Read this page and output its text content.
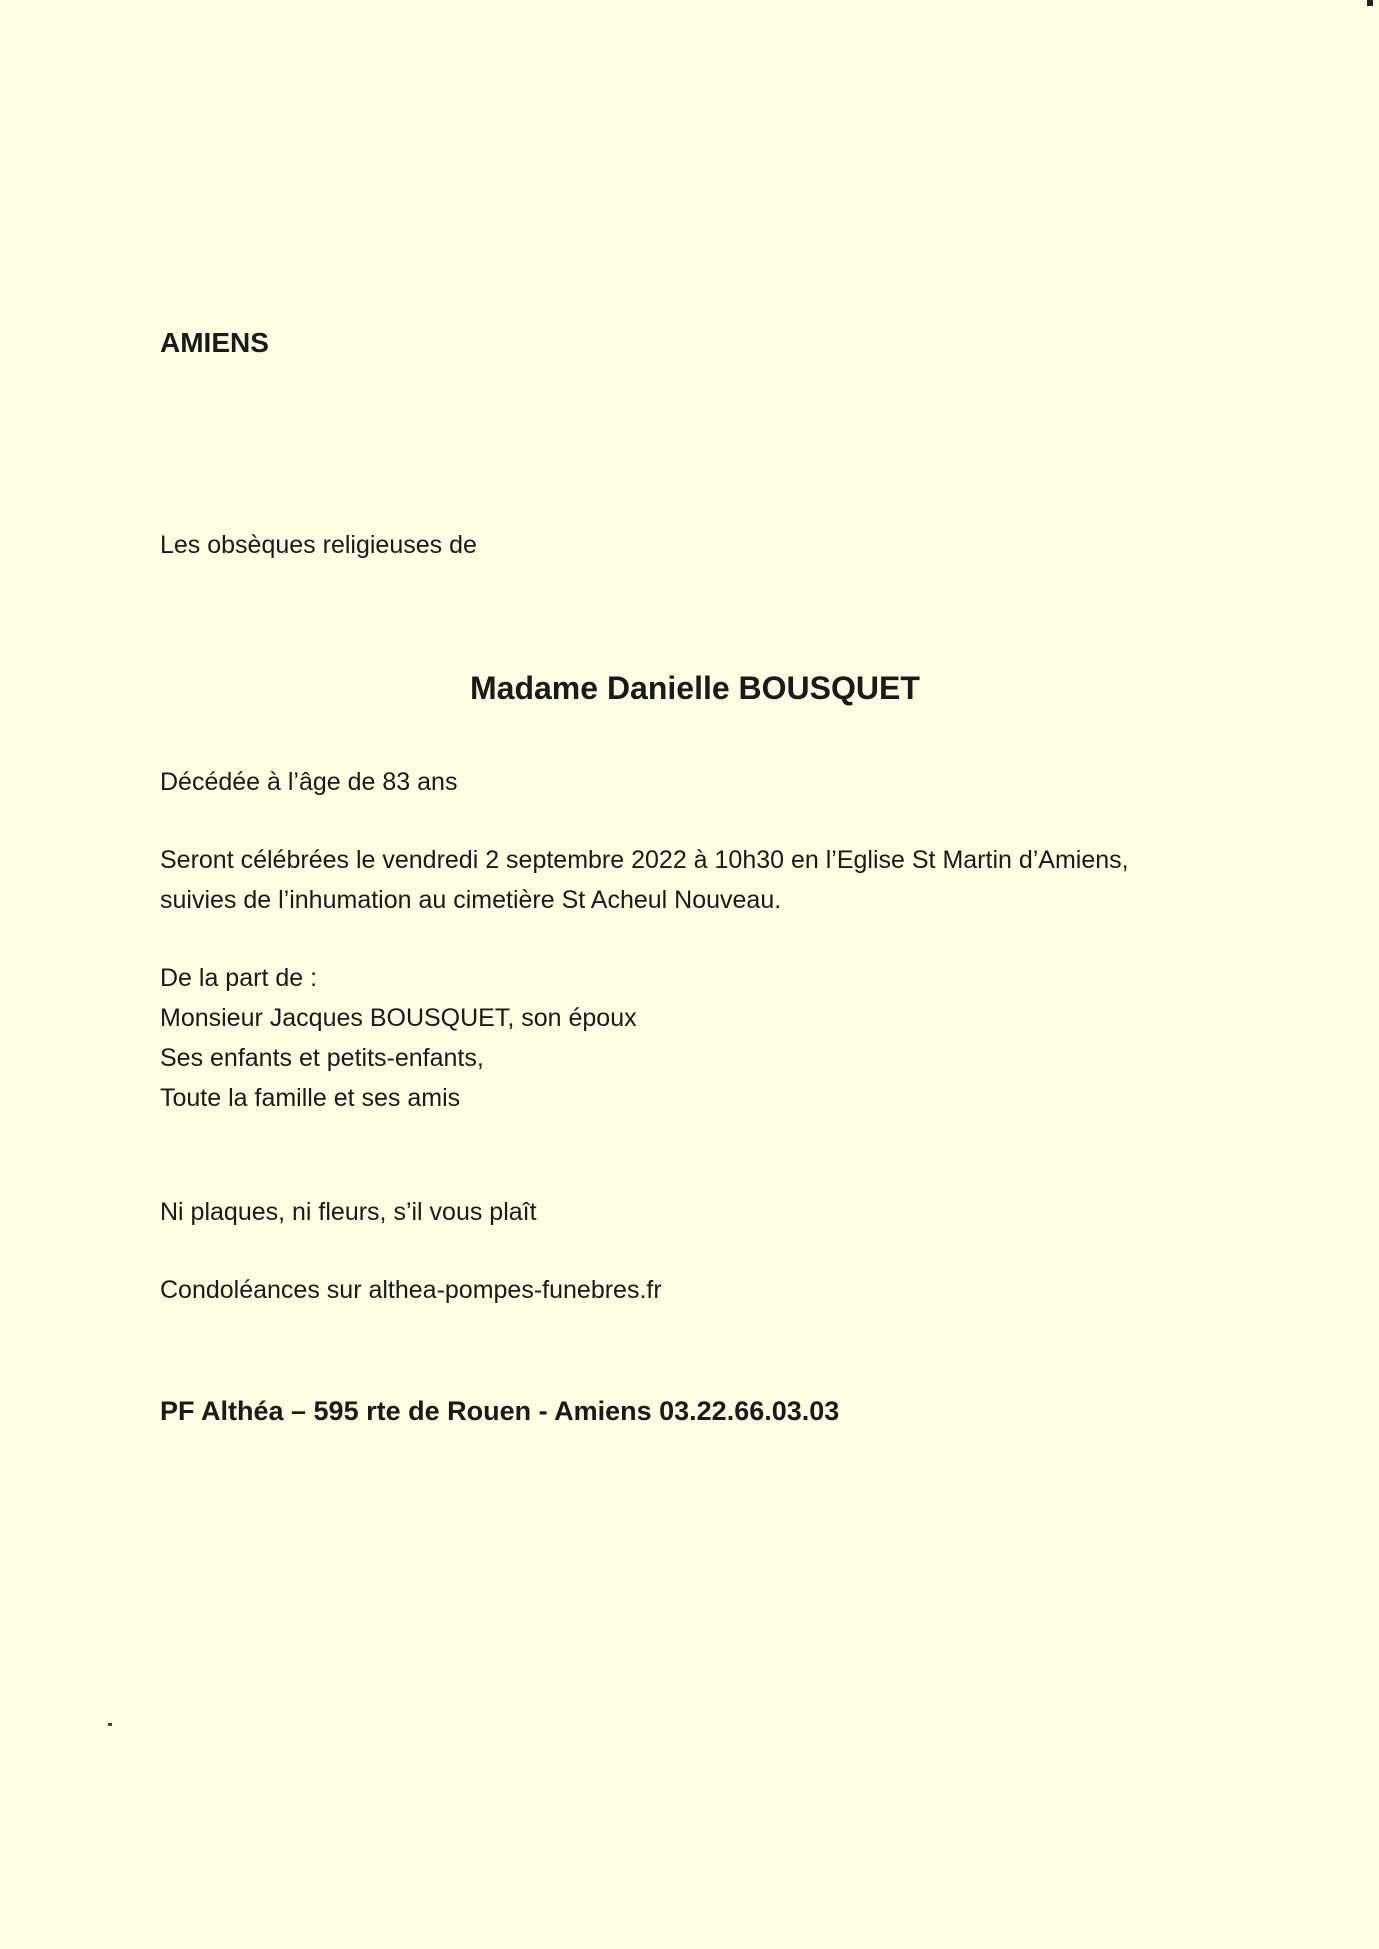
AMIENS
Les obsèques religieuses de
Madame Danielle BOUSQUET
Décédée à l’âge de 83 ans
Seront célébrées le vendredi 2 septembre 2022 à 10h30 en l’Eglise St Martin d’Amiens,
suivies de l’inhumation au cimetière St Acheul Nouveau.
De la part de :
Monsieur Jacques BOUSQUET, son époux
Ses enfants et petits-enfants,
Toute la famille et ses amis
Ni plaques, ni fleurs, s’il vous plaît
Condoléances sur althea-pompes-funebres.fr
PF Althéa – 595 rte de Rouen - Amiens 03.22.66.03.03
